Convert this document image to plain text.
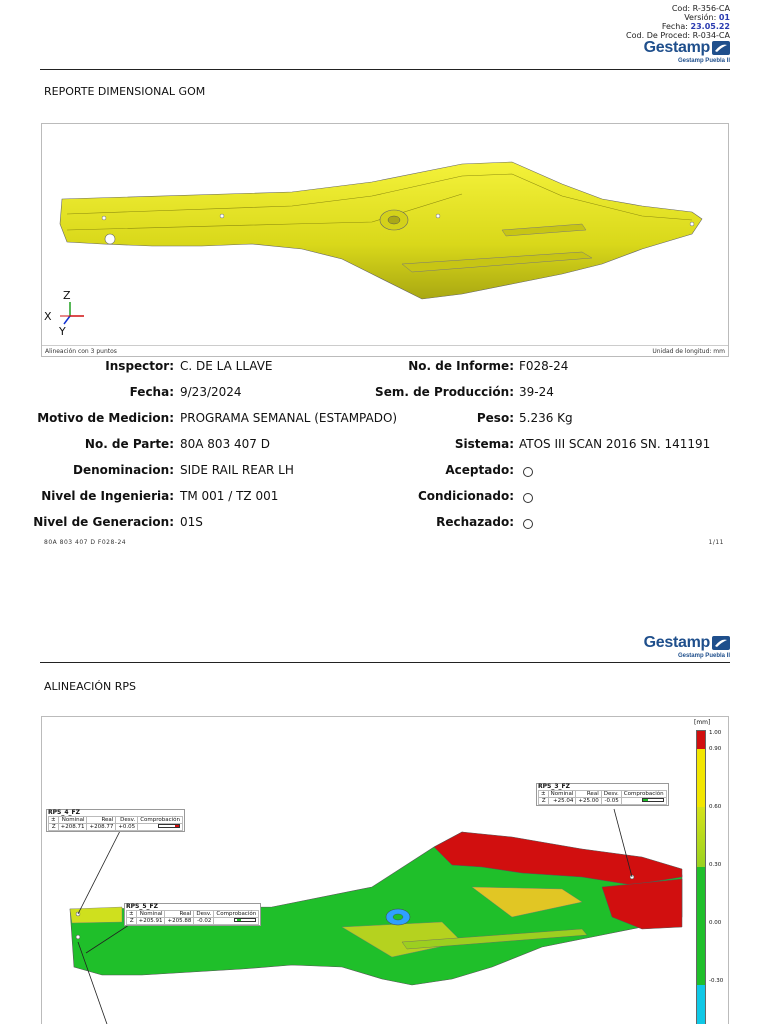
Cod: R-356-CA
Versión: 01
Fecha: 23.05.22
Cod. De Proced: R-034-CA
Gestamp
Gestamp Puebla II
REPORTE DIMENSIONAL GOM
Z
X
Y
Alineación con 3 puntos	Unidad de longitud: mm
Inspector: C. DE LA LLAVE	No. de Informe: F028-24
Fecha: 9/23/2024	Sem. de Producción: 39-24
Motivo de Medicion: PROGRAMA SEMANAL (ESTAMPADO)	Peso: 5.236 Kg
No. de Parte: 80A 803 407 D	Sistema: ATOS III SCAN 2016 SN. 141191
Denominacion: SIDE RAIL REAR LH	Aceptado:
Nivel de Ingenieria: TM 001 / TZ 001	Condicionado:
Nivel de Generacion: 01S	Rechazado:
80A 803 407 D F028-24	1/11
Gestamp
Gestamp Puebla II
ALINEACIÓN RPS
RPS_4_FZ
±	Nominal	Real	Desv.	Comprobación
Z	+208.71	+208.77	+0.05	
RPS_3_FZ
±	Nominal	Real	Desv.	Comprobación
Z	+25.04	+25.00	-0.05	
RPS_5_FZ
±	Nominal	Real	Desv.	Comprobación
Z	+205.91	+205.88	-0.02	
[mm]
1.00
0.90
0.60
0.30
0.00
-0.30
